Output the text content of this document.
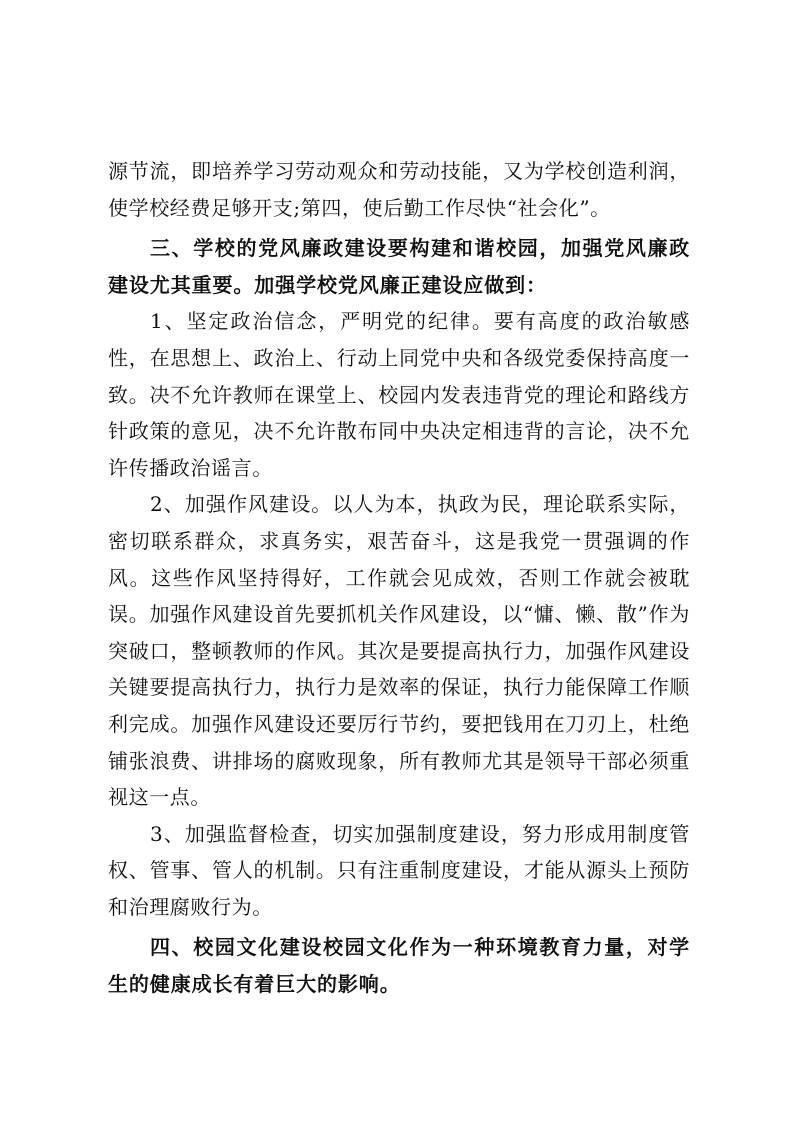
源节流，即培养学习劳动观众和劳动技能，又为学校创造利润，使学校经费足够开支;第四，使后勤工作尽快“社会化”。

三、学校的党风廉政建设要构建和谐校园，加强党风廉政建设尤其重要。加强学校党风廉正建设应做到：

1、坚定政治信念，严明党的纪律。要有高度的政治敏感性，在思想上、政治上、行动上同党中央和各级党委保持高度一致。决不允许教师在课堂上、校园内发表违背党的理论和路线方针政策的意见，决不允许散布同中央决定相违背的言论，决不允许传播政治谣言。

2、加强作风建设。以人为本，执政为民，理论联系实际，密切联系群众，求真务实，艰苦奋斗，这是我党一贯强调的作风。这些作风坚持得好，工作就会见成效，否则工作就会被耽误。加强作风建设首先要抓机关作风建设，以“慵、懒、散”作为突破口，整顿教师的作风。其次是要提高执行力，加强作风建设关键要提高执行力，执行力是效率的保证，执行力能保障工作顺利完成。加强作风建设还要厉行节约，要把钱用在刀刃上，杜绝铺张浪费、讲排场的腐败现象，所有教师尤其是领导干部必须重视这一点。

3、加强监督检查，切实加强制度建设，努力形成用制度管权、管事、管人的机制。只有注重制度建设，才能从源头上预防和治理腐败行为。

四、校园文化建设校园文化作为一种环境教育力量，对学生的健康成长有着巨大的影响。
